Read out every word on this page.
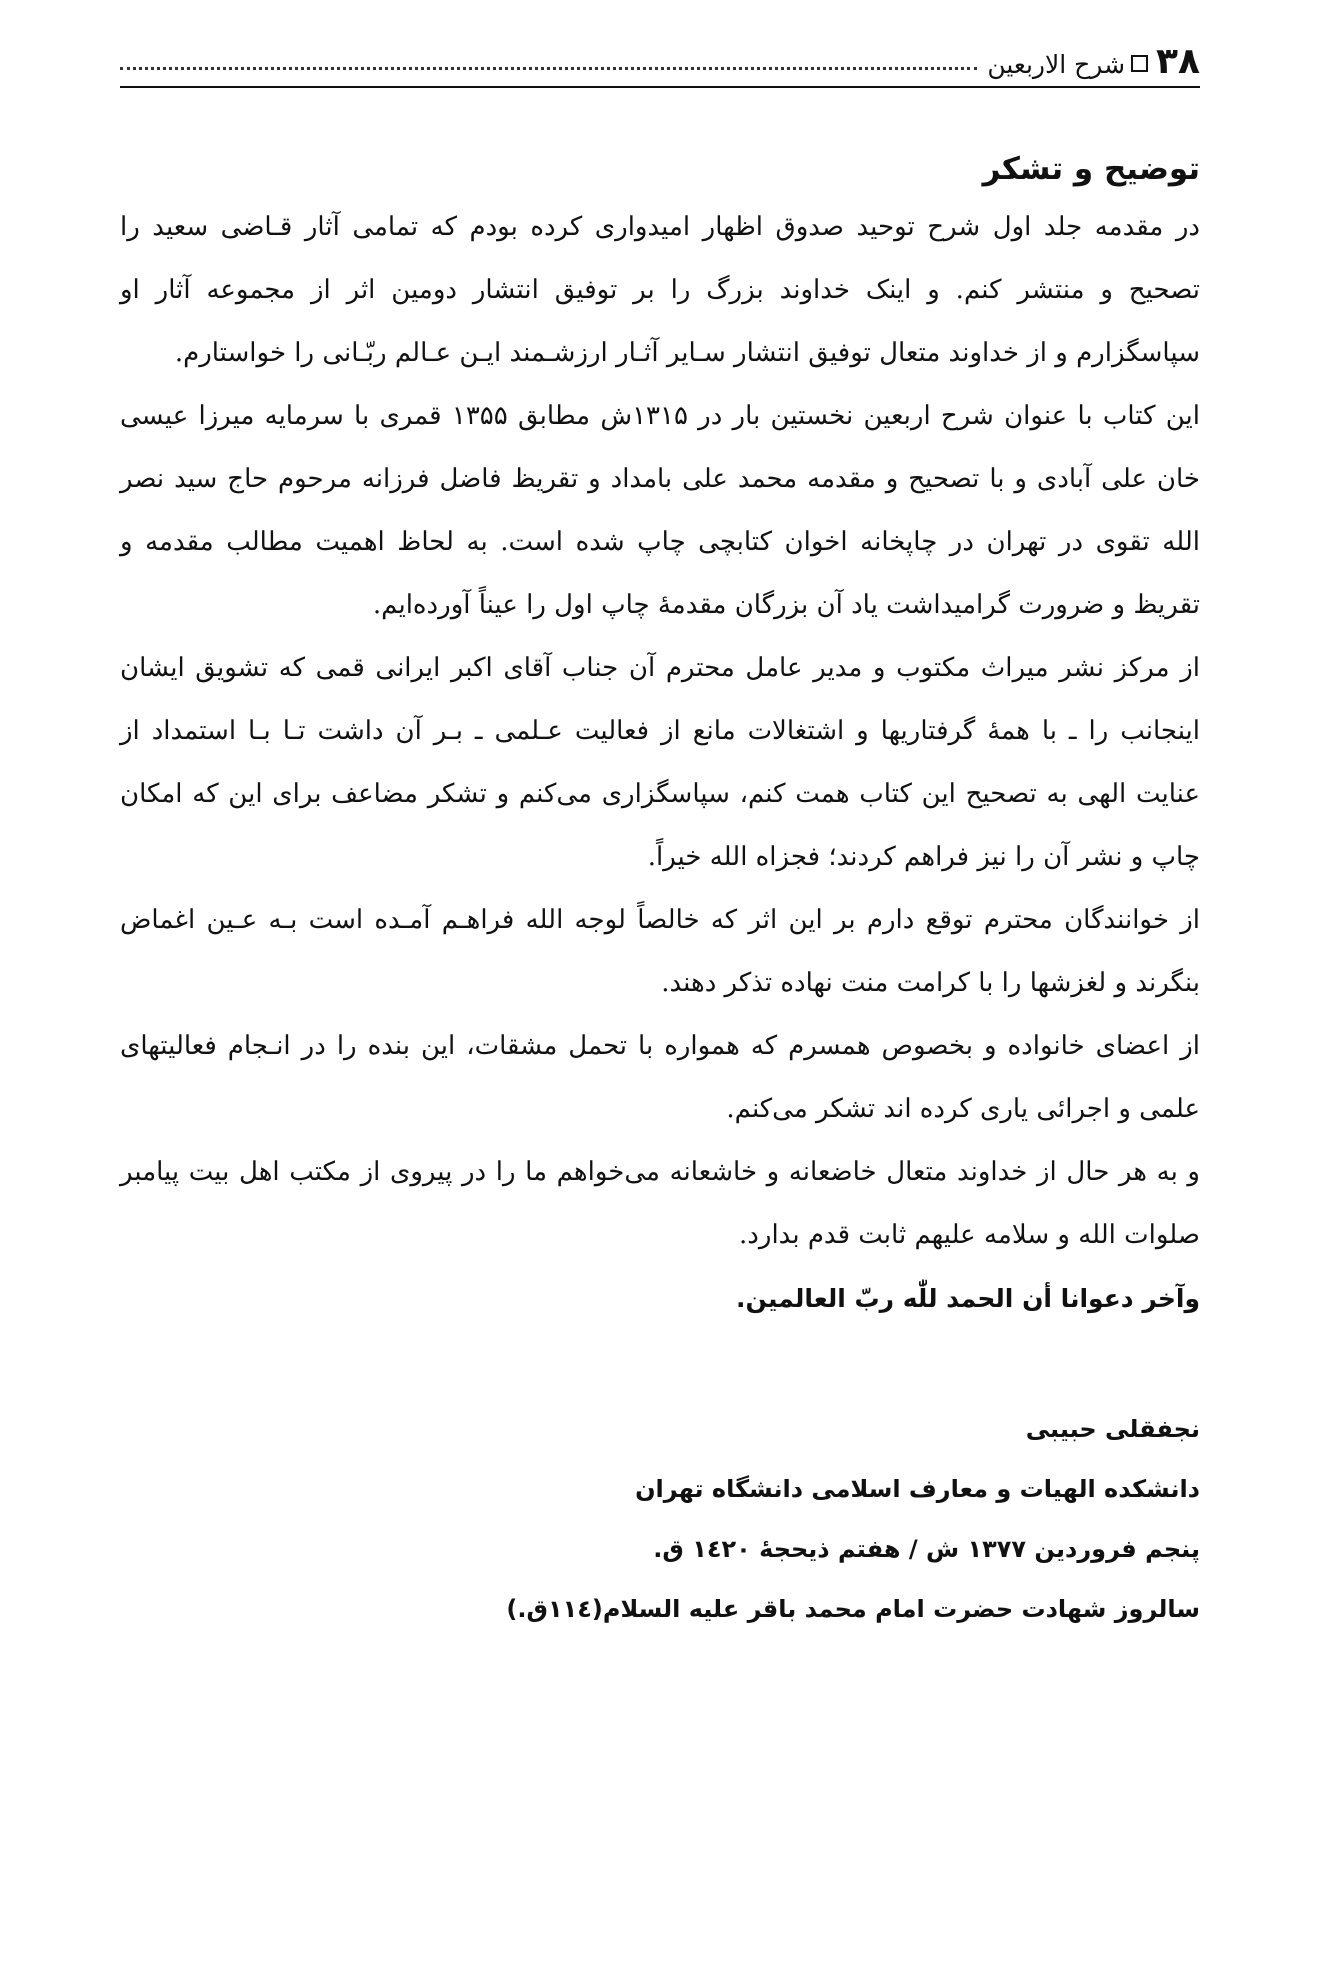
۳۸
شرح الاربعين
توضيح و تشكر

در مقدمه جلد اول شرح توحيد صدوق اظهار اميدوارى كرده بودم كه تمامى آثار قـاضى سعيد را تصحيح و منتشر كنم. و اينک خداوند بزرگ را بر توفيق انتشار دومين اثر از مجموعه آثار او سپاسگزارم و از خداوند متعال توفيق انتشار سـاير آثـار ارزشـمند ايـن عـالم ربّـانى را خواستارم.

اين كتاب با عنوان شرح اربعين نخستين بار در ۱۳۱۵ش مطابق ۱۳۵۵ قمرى با سرمايه ميرزا عيسى خان على آبادى و با تصحيح و مقدمه محمد على بامداد و تقريظ فاضل فرزانه مرحوم حاج سيد نصر الله تقوى در تهران در چاپخانه اخوان كتابچى چاپ شده است. به لحاظ اهميت مطالب مقدمه و تقريظ و ضرورت گراميداشت ياد آن بزرگان مقدمهٔ چاپ اول را عيناً آورده‌ايم.

از مركز نشر ميراث مكتوب و مدير عامل محترم آن جناب آقاى اكبر ايرانى قمى كه تشويق ايشان اينجانب را ـ با همهٔ گرفتاريها و اشتغالات مانع از فعاليت عـلمى ـ بـر آن داشت تـا بـا استمداد از عنايت الهى به تصحيح اين كتاب همت كنم، سپاسگزارى مى‌كنم و تشكر مضاعف براى اين كه امكان چاپ و نشر آن را نيز فراهم كردند؛ فجزاه الله خيراً.

از خوانندگان محترم توقع دارم بر اين اثر كه خالصاً لوجه الله فراهـم آمـده است بـه عـين اغماض بنگرند و لغزشها را با كرامت منت نهاده تذكر دهند.

از اعضاى خانواده و بخصوص همسرم كه همواره با تحمل مشقات، اين بنده را در انـجام فعاليتهاى علمى و اجرائى يارى كرده اند تشكر مى‌كنم.

و به هر حال از خداوند متعال خاضعانه و خاشعانه مى‌خواهم ما را در پيروى از مكتب اهل بيت پيامبر صلوات الله و سلامه عليهم ثابت قدم بدارد.

وآخر دعوانا أن الحمد للّٰه ربّ العالمين.
نجفقلى حبيبى
دانشكده الهيات و معارف اسلامى دانشگاه تهران
پنجم فروردين ۱۳۷۷ ش / هفتم ذيحجهٔ ۱٤۲۰ ق.
سالروز شهادت حضرت امام محمد باقر عليه السلام(۱۱٤ق.)
